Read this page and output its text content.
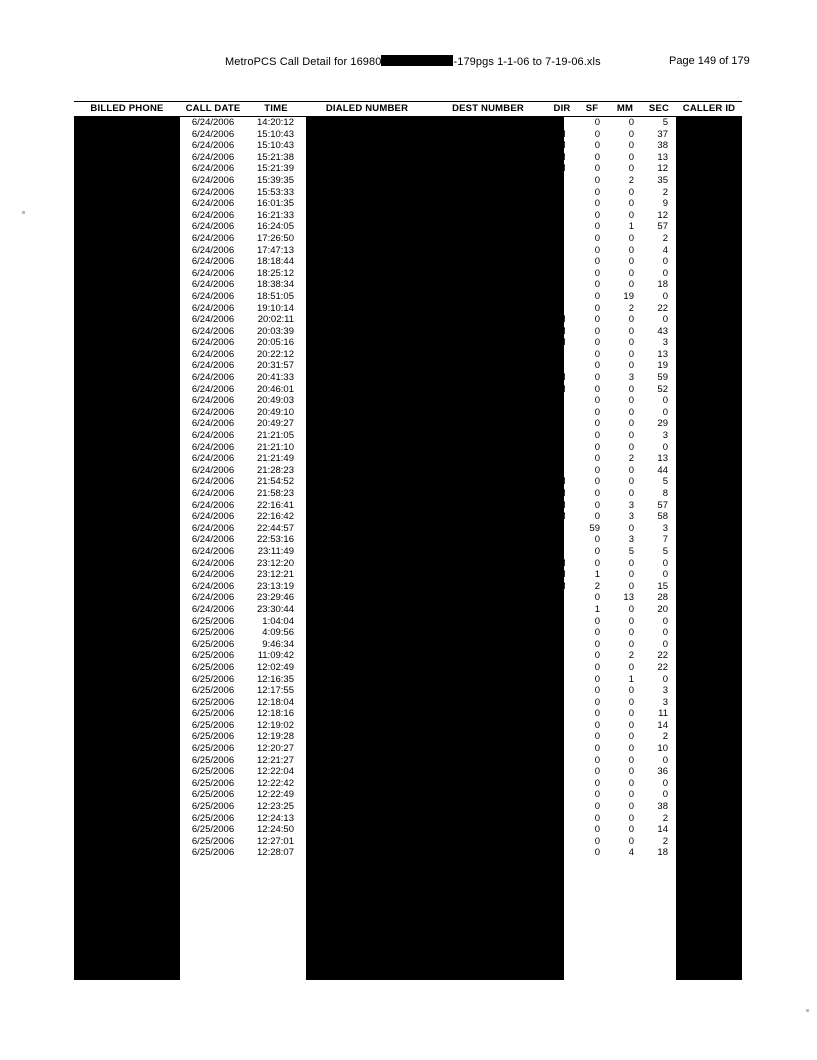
MetroPCS Call Detail for 16980	-179pgs 1-1-06 to 7-19-06.xls	Page 149 of 179
BILLED PHONE	CALL DATE	TIME	DIALED NUMBER	DEST NUMBER	DIR	SF	MM	SEC	CALLER ID
	6/24/2006	14:20:12			LM	0	0	5	
	6/24/2006	15:10:43			MM	0	0	37	
	6/24/2006	15:10:43			MM	0	0	38	
	6/24/2006	15:21:38			MM	0	0	13	
	6/24/2006	15:21:39			MM	0	0	12	
	6/24/2006	15:39:35			LM	0	2	35	
	6/24/2006	15:53:33			ML	0	0	2	
	6/24/2006	16:01:35			ML	0	0	9	
	6/24/2006	16:21:33			ML	0	0	12	
	6/24/2006	16:24:05			ML	0	1	57	
	6/24/2006	17:26:50			ML	0	0	2	
	6/24/2006	17:47:13			ML	0	0	4	
	6/24/2006	18:18:44			ML	0	0	0	
	6/24/2006	18:25:12			ML	0	0	0	
	6/24/2006	18:38:34			LM	0	0	18	
	6/24/2006	18:51:05			ML	0	19	0	
	6/24/2006	19:10:14			ML	0	2	22	
	6/24/2006	20:02:11			MM	0	0	0	
	6/24/2006	20:03:39			MM	0	0	43	
	6/24/2006	20:05:16			MM	0	0	3	
	6/24/2006	20:22:12			ML	0	0	13	
	6/24/2006	20:31:57			ML	0	0	19	
	6/24/2006	20:41:33			MM	0	3	59	
	6/24/2006	20:46:01			MM	0	0	52	
	6/24/2006	20:49:03			ML	0	0	0	
	6/24/2006	20:49:10			ML	0	0	0	
	6/24/2006	20:49:27			ML	0	0	29	
	6/24/2006	21:21:05			ML	0	0	3	
	6/24/2006	21:21:10			ML	0	0	0	
	6/24/2006	21:21:49			ML	0	2	13	
	6/24/2006	21:28:23			ML	0	0	44	
	6/24/2006	21:54:52			MM	0	0	5	
	6/24/2006	21:58:23			MM	0	0	8	
	6/24/2006	22:16:41			MM	0	3	57	
	6/24/2006	22:16:42			MM	0	3	58	
	6/24/2006	22:44:57			ML	59	0	3	
	6/24/2006	22:53:16			ML	0	3	7	
	6/24/2006	23:11:49			LM	0	5	5	
	6/24/2006	23:12:20			MM	0	0	0	
	6/24/2006	23:12:21			MM	1	0	0	
	6/24/2006	23:13:19			MM	2	0	15	
	6/24/2006	23:29:46			LM	0	13	28	
	6/24/2006	23:30:44			LM	1	0	20	
	6/25/2006	1:04:04			LM	0	0	0	
	6/25/2006	4:09:56			LM	0	0	0	
	6/25/2006	9:46:34			LM	0	0	0	
	6/25/2006	11:09:42			ML	0	2	22	
	6/25/2006	12:02:49			ML	0	0	22	
	6/25/2006	12:16:35			LM	0	1	0	
	6/25/2006	12:17:55			ML	0	0	3	
	6/25/2006	12:18:04			ML	0	0	3	
	6/25/2006	12:18:16			ML	0	0	11	
	6/25/2006	12:19:02			ML	0	0	14	
	6/25/2006	12:19:28			ML	0	0	2	
	6/25/2006	12:20:27			ML	0	0	10	
	6/25/2006	12:21:27			ML	0	0	0	
	6/25/2006	12:22:04			ML	0	0	36	
	6/25/2006	12:22:42			ML	0	0	0	
	6/25/2006	12:22:49			ML	0	0	0	
	6/25/2006	12:23:25			ML	0	0	38	
	6/25/2006	12:24:13			ML	0	0	2	
	6/25/2006	12:24:50			ML	0	0	14	
	6/25/2006	12:27:01			ML	0	0	2	
	6/25/2006	12:28:07			LM	0	4	18	
